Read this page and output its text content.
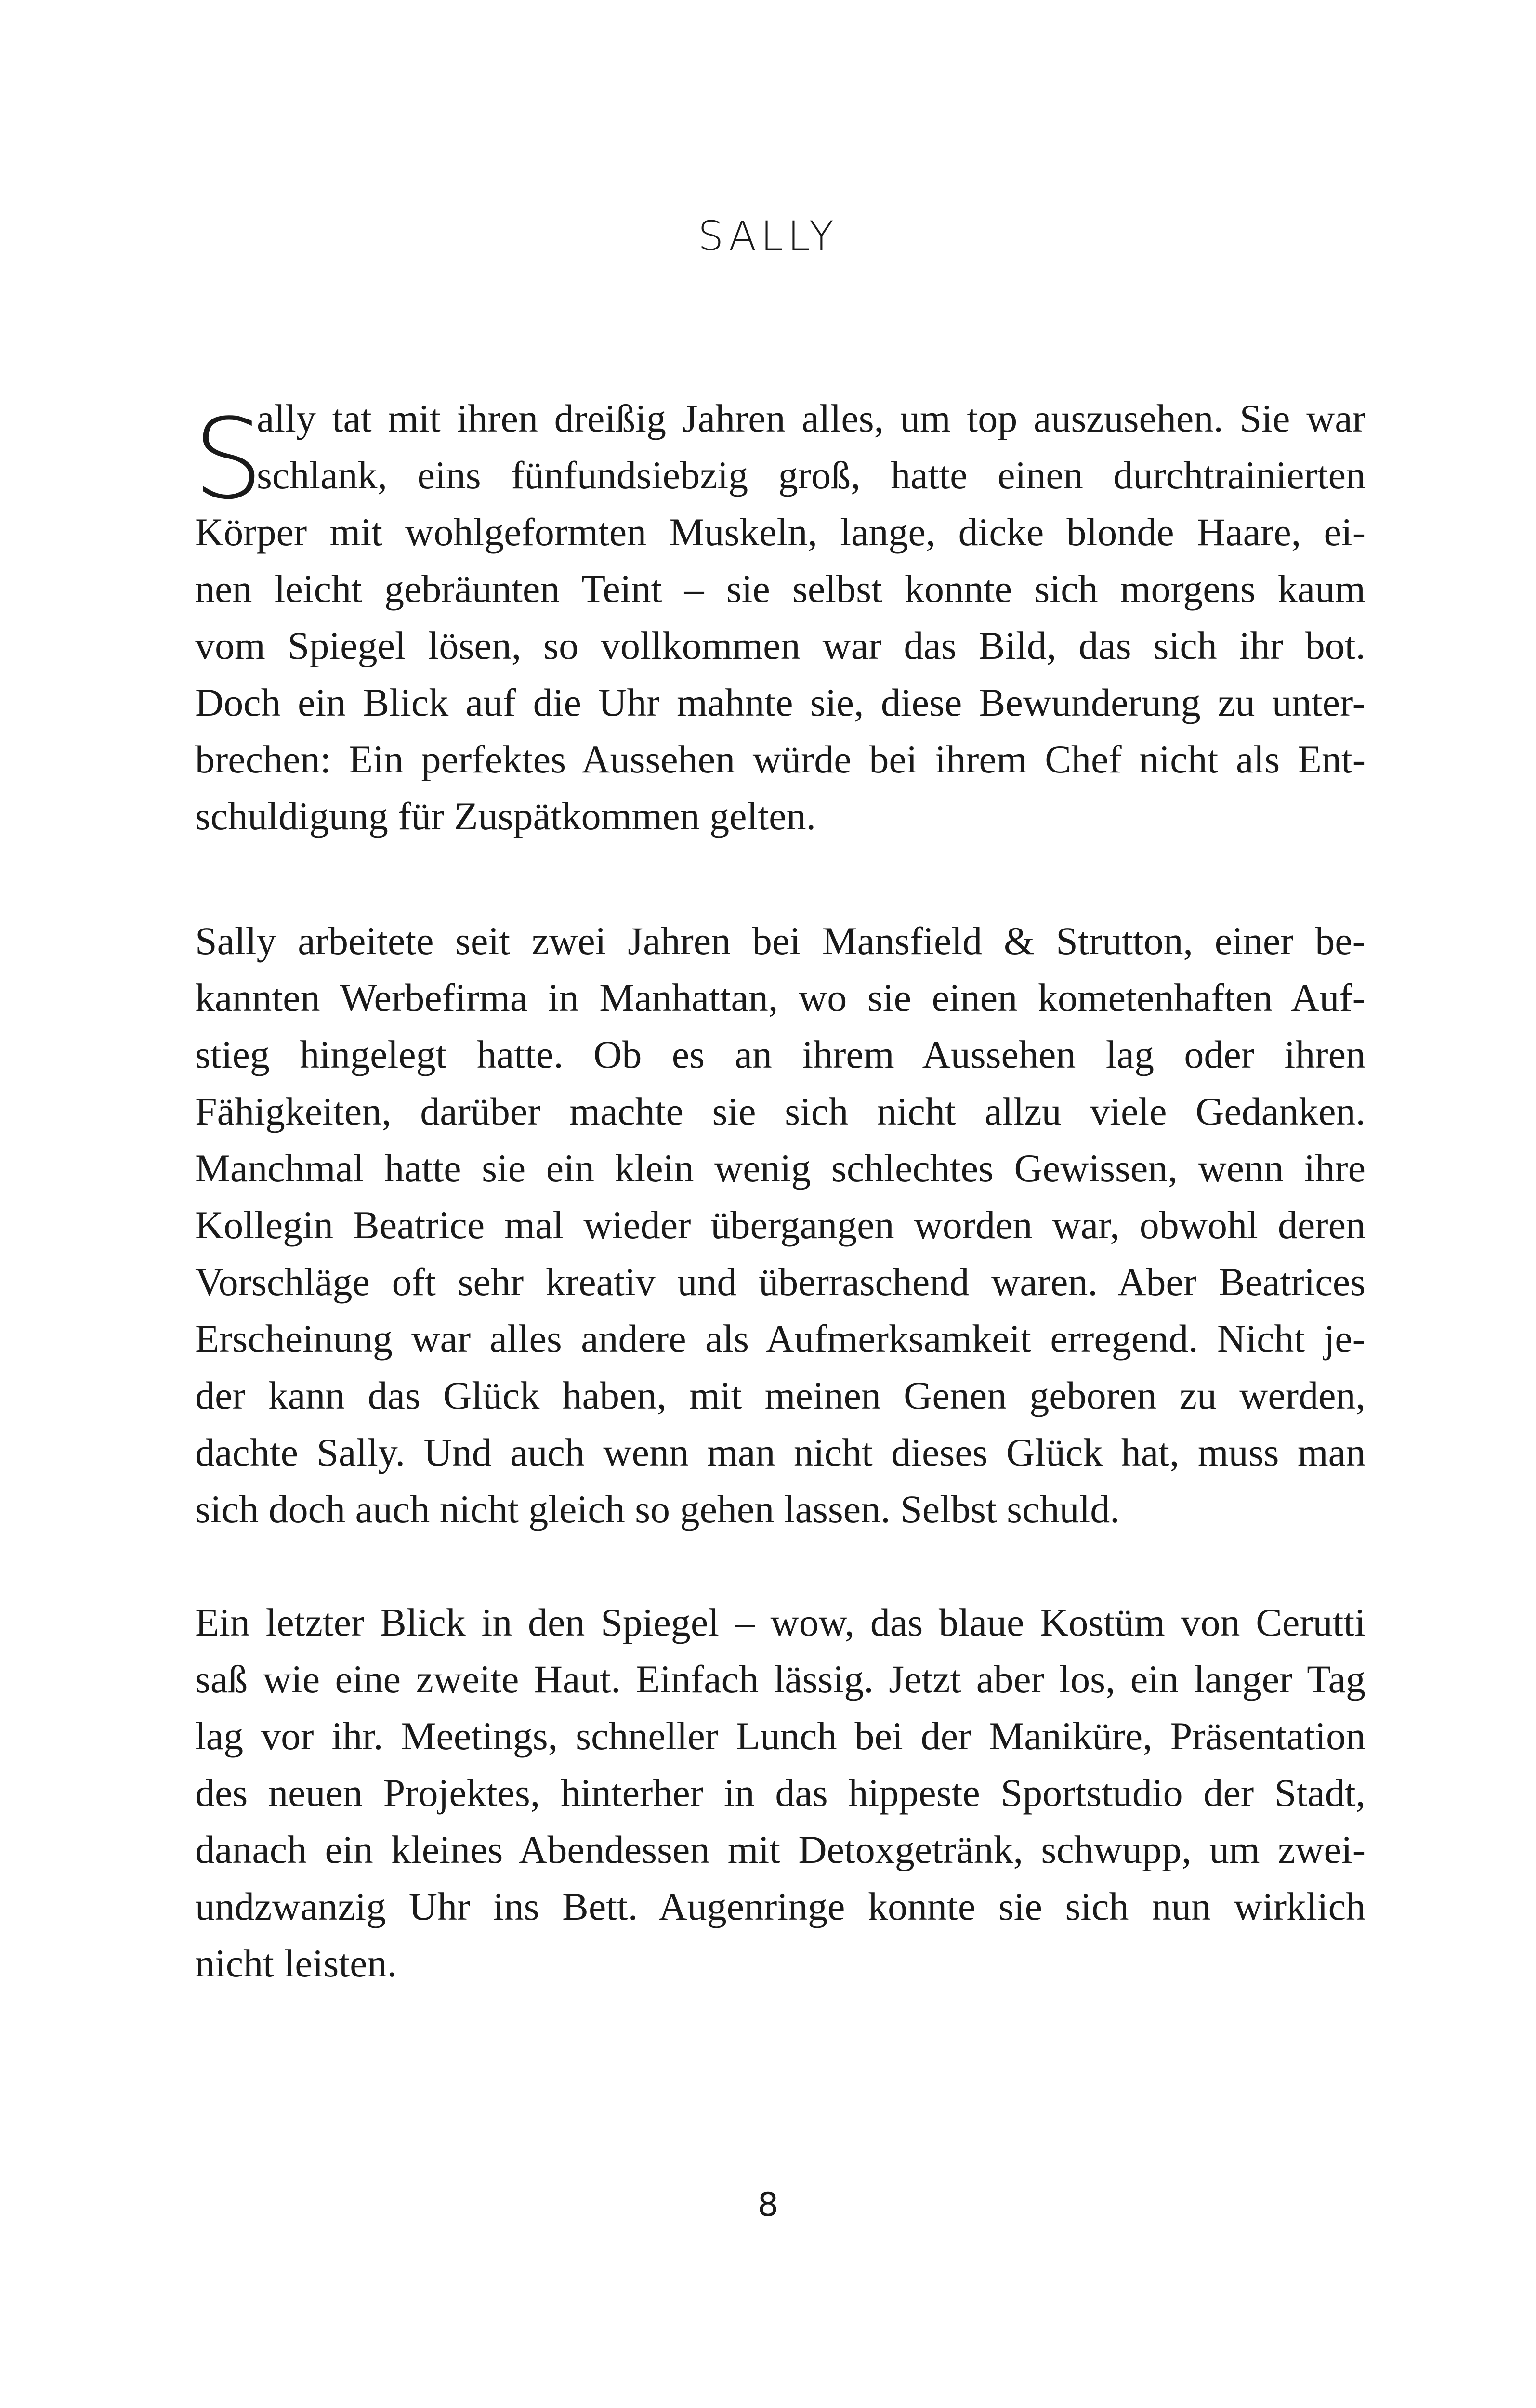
SALLY
S
ally tat mit ihren dreißig Jahren alles, um top auszusehen. Sie war
schlank, eins fünfundsiebzig groß, hatte einen durchtrainierten
Körper mit wohlgeformten Muskeln, lange, dicke blonde Haare, ei-
nen leicht gebräunten Teint – sie selbst konnte sich morgens kaum
vom Spiegel lösen, so vollkommen war das Bild, das sich ihr bot.
Doch ein Blick auf die Uhr mahnte sie, diese Bewunderung zu unter-
brechen: Ein perfektes Aussehen würde bei ihrem Chef nicht als Ent-
schuldigung für Zuspätkommen gelten.
Sally arbeitete seit zwei Jahren bei Mansfield & Strutton, einer be-
kannten Werbefirma in Manhattan, wo sie einen kometenhaften Auf-
stieg hingelegt hatte. Ob es an ihrem Aussehen lag oder ihren
Fähigkeiten, darüber machte sie sich nicht allzu viele Gedanken.
Manchmal hatte sie ein klein wenig schlechtes Gewissen, wenn ihre
Kollegin Beatrice mal wieder übergangen worden war, obwohl deren
Vorschläge oft sehr kreativ und überraschend waren. Aber Beatrices
Erscheinung war alles andere als Aufmerksamkeit erregend. Nicht je-
der kann das Glück haben, mit meinen Genen geboren zu werden,
dachte Sally. Und auch wenn man nicht dieses Glück hat, muss man
sich doch auch nicht gleich so gehen lassen. Selbst schuld.
Ein letzter Blick in den Spiegel – wow, das blaue Kostüm von Cerutti
saß wie eine zweite Haut. Einfach lässig. Jetzt aber los, ein langer Tag
lag vor ihr. Meetings, schneller Lunch bei der Maniküre, Präsentation
des neuen Projektes, hinterher in das hippeste Sportstudio der Stadt,
danach ein kleines Abendessen mit Detoxgetränk, schwupp, um zwei-
undzwanzig Uhr ins Bett. Augenringe konnte sie sich nun wirklich
nicht leisten.
8
